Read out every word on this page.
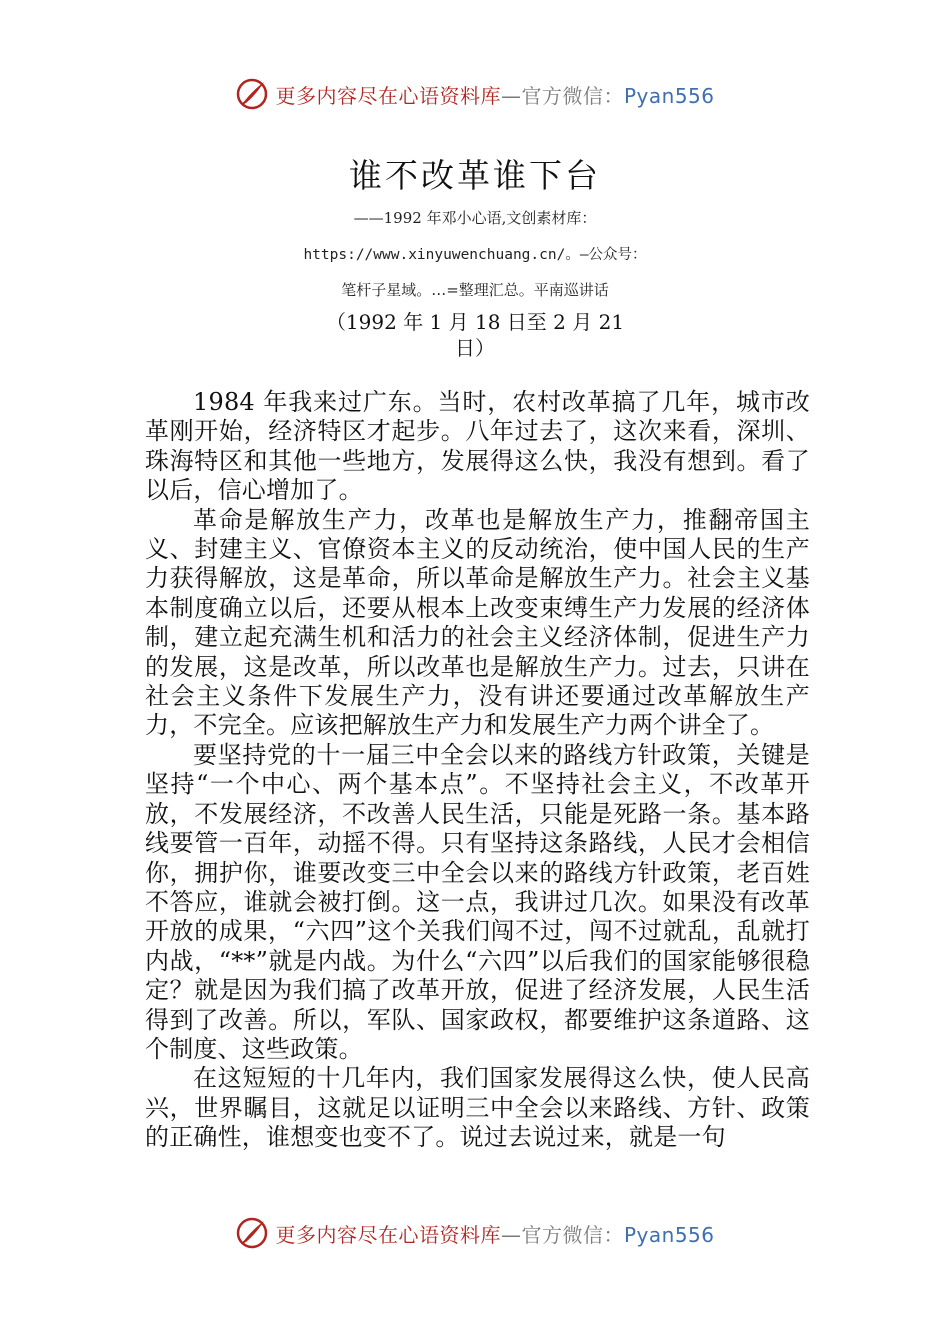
更多内容尽在心语资料库—官方微信：Pyan556
谁不改革谁下台
——1992 年邓小心语,文创素材库：
https://www.xinyuwenchuang.cn/。—公众号：
笔杆子星域。…=整理汇总。平南巡讲话
（1992 年 1 月 18 日至 2 月 21
日）

1984 年我来过广东。当时，农村改革搞了几年，城市改革刚开始，经济特区才起步。八年过去了，这次来看，深圳、珠海特区和其他一些地方，发展得这么快，我没有想到。看了以后，信心增加了。

革命是解放生产力，改革也是解放生产力，推翻帝国主义、封建主义、官僚资本主义的反动统治，使中国人民的生产力获得解放，这是革命，所以革命是解放生产力。社会主义基本制度确立以后，还要从根本上改变束缚生产力发展的经济体制，建立起充满生机和活力的社会主义经济体制，促进生产力的发展，这是改革，所以改革也是解放生产力。过去，只讲在社会主义条件下发展生产力，没有讲还要通过改革解放生产力，不完全。应该把解放生产力和发展生产力两个讲全了。

要坚持党的十一届三中全会以来的路线方针政策，关键是坚持“一个中心、两个基本点”。不坚持社会主义，不改革开放，不发展经济，不改善人民生活，只能是死路一条。基本路线要管一百年，动摇不得。只有坚持这条路线，人民才会相信你，拥护你，谁要改变三中全会以来的路线方针政策，老百姓不答应，谁就会被打倒。这一点，我讲过几次。如果没有改革开放的成果，“六四”这个关我们闯不过，闯不过就乱，乱就打内战，“**”就是内战。为什么“六四”以后我们的国家能够很稳定？就是因为我们搞了改革开放，促进了经济发展，人民生活得到了改善。所以，军队、国家政权，都要维护这条道路、这个制度、这些政策。

在这短短的十几年内，我们国家发展得这么快，使人民高兴，世界瞩目，这就足以证明三中全会以来路线、方针、政策的正确性，谁想变也变不了。说过去说过来，就是一句

更多内容尽在心语资料库—官方微信：Pyan556
